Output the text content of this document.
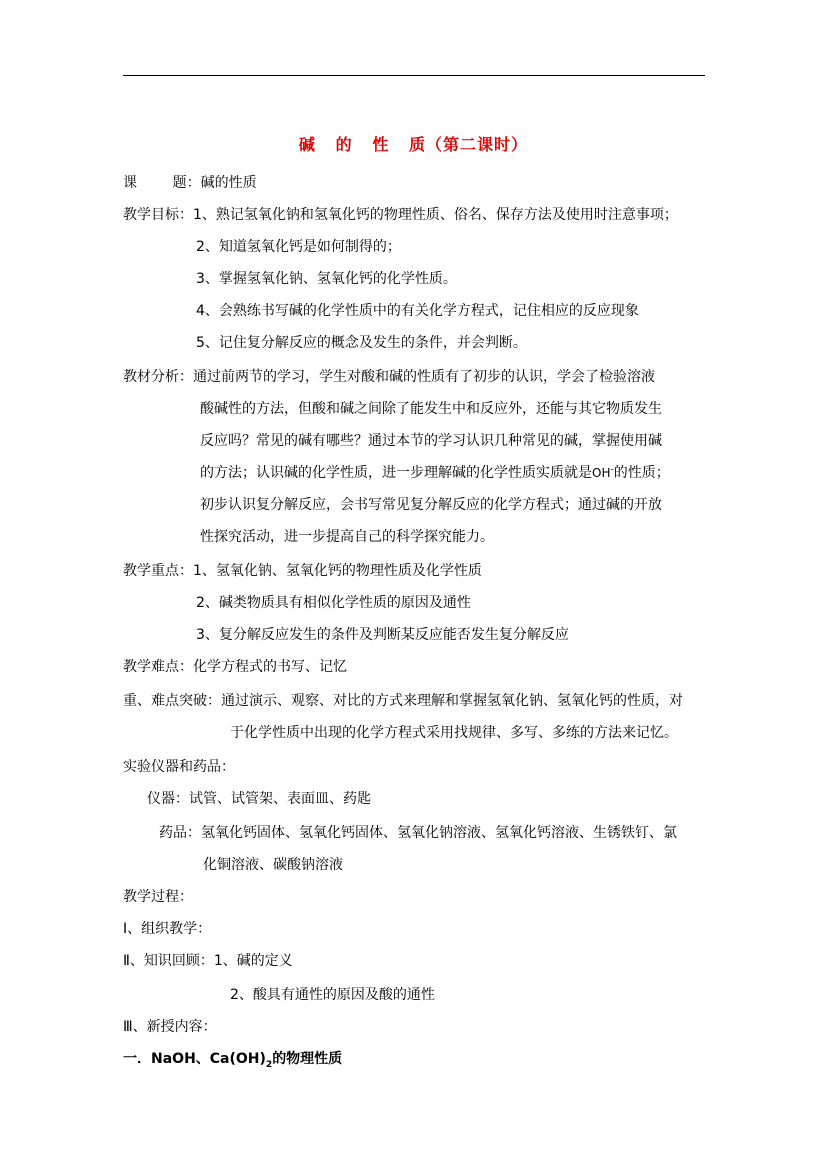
碱   的   性   质（第二课时）
课        题：碱的性质
教学目标：1、熟记氢氧化钠和氢氧化钙的物理性质、俗名、保存方法及使用时注意事项；
2、知道氢氧化钙是如何制得的；
3、掌握氢氧化钠、氢氧化钙的化学性质。
4、会熟练书写碱的化学性质中的有关化学方程式，记住相应的反应现象
5、记住复分解反应的概念及发生的条件，并会判断。
教材分析：通过前两节的学习，学生对酸和碱的性质有了初步的认识，学会了检验溶液
酸碱性的方法，但酸和碱之间除了能发生中和反应外，还能与其它物质发生
反应吗？常见的碱有哪些？通过本节的学习认识几种常见的碱，掌握使用碱
的方法；认识碱的化学性质，进一步理解碱的化学性质实质就是OH-的性质；
初步认识复分解反应，会书写常见复分解反应的化学方程式；通过碱的开放
性探究活动，进一步提高自己的科学探究能力。
教学重点：1、氢氧化钠、氢氧化钙的物理性质及化学性质
2、碱类物质具有相似化学性质的原因及通性
3、复分解反应发生的条件及判断某反应能否发生复分解反应
教学难点：化学方程式的书写、记忆
重、难点突破：通过演示、观察、对比的方式来理解和掌握氢氧化钠、氢氧化钙的性质，对
于化学性质中出现的化学方程式采用找规律、多写、多练的方法来记忆。
实验仪器和药品：
仪器：试管、试管架、表面皿、药匙
药品：氢氧化钙固体、氢氧化钙固体、氢氧化钠溶液、氢氧化钙溶液、生锈铁钉、氯
化铜溶液、碳酸钠溶液
教学过程：
Ⅰ、组织教学：
Ⅱ、知识回顾：1、碱的定义
2、酸具有通性的原因及酸的通性
Ⅲ、新授内容：
一．NaOH、$Ca(OH)_2$的物理性质
